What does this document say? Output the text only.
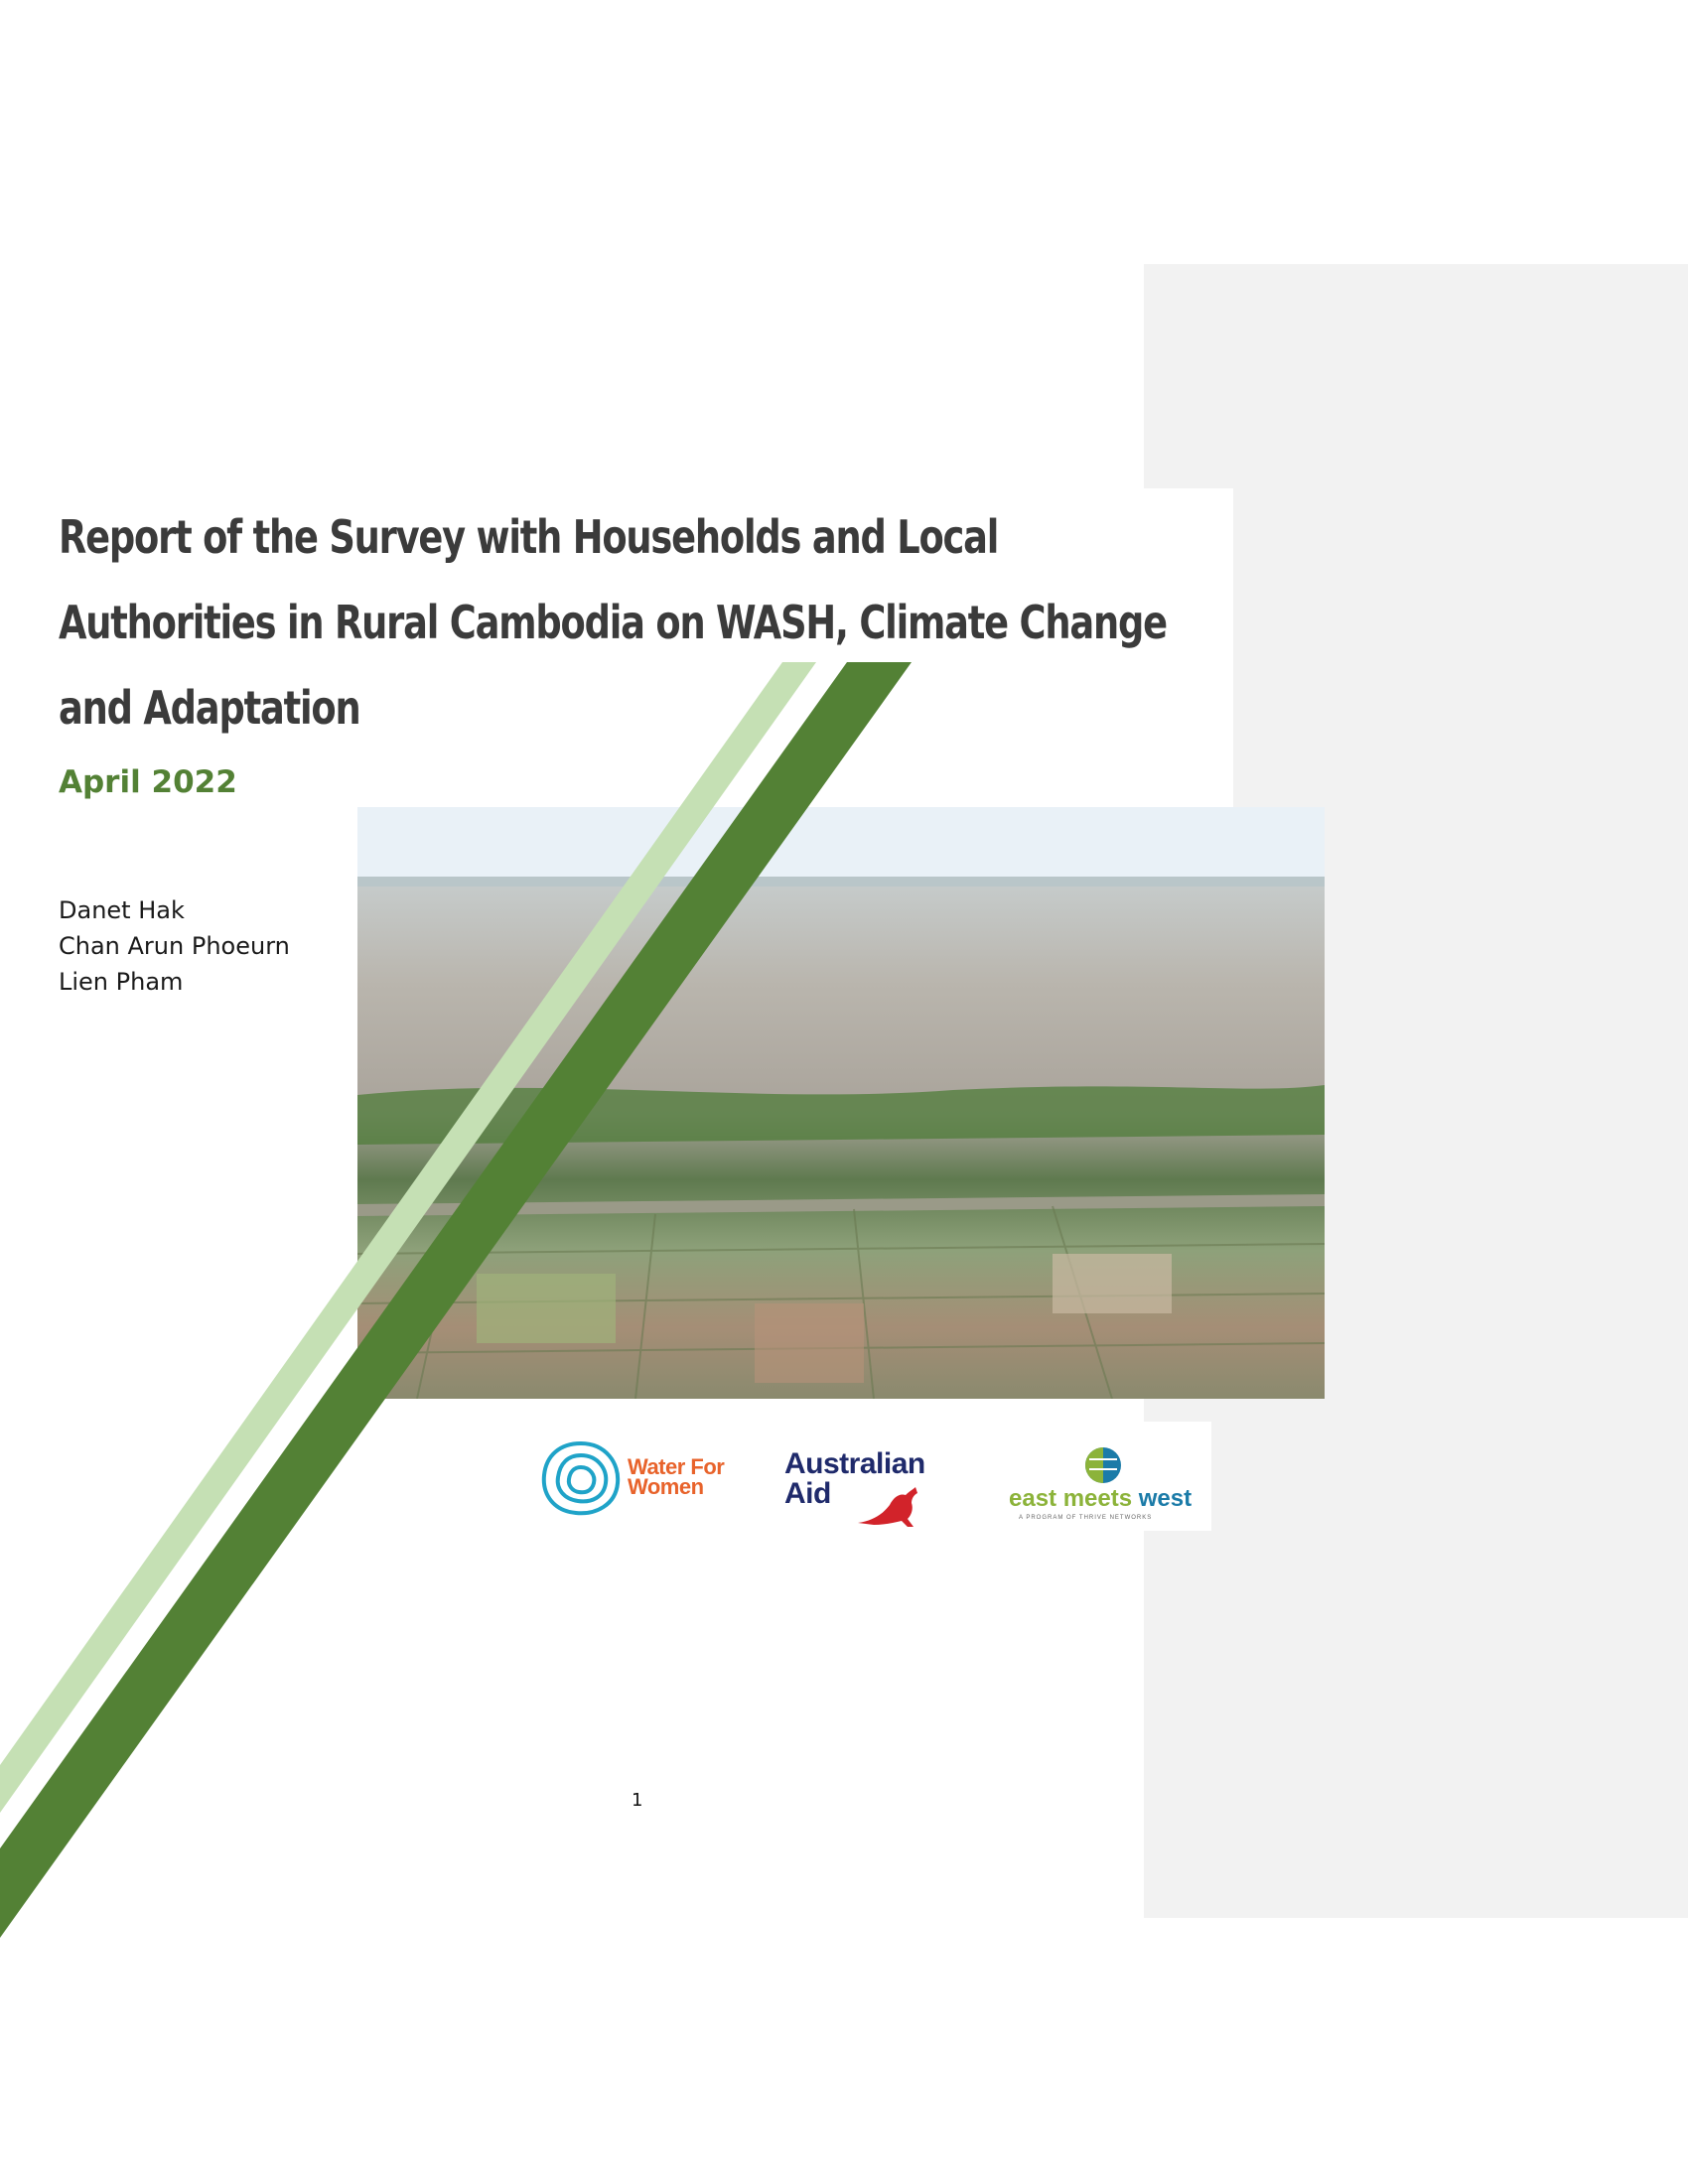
Report of the Survey with Households and Local
Authorities in Rural Cambodia on WASH, Climate Change
and Adaptation

April 2022

Danet Hak
Chan Arun Phoeurn
Lien Pham
Water For
Women
Australian
Aid	east meets west
A PROGRAM OF THRIVE NETWORKS
1
